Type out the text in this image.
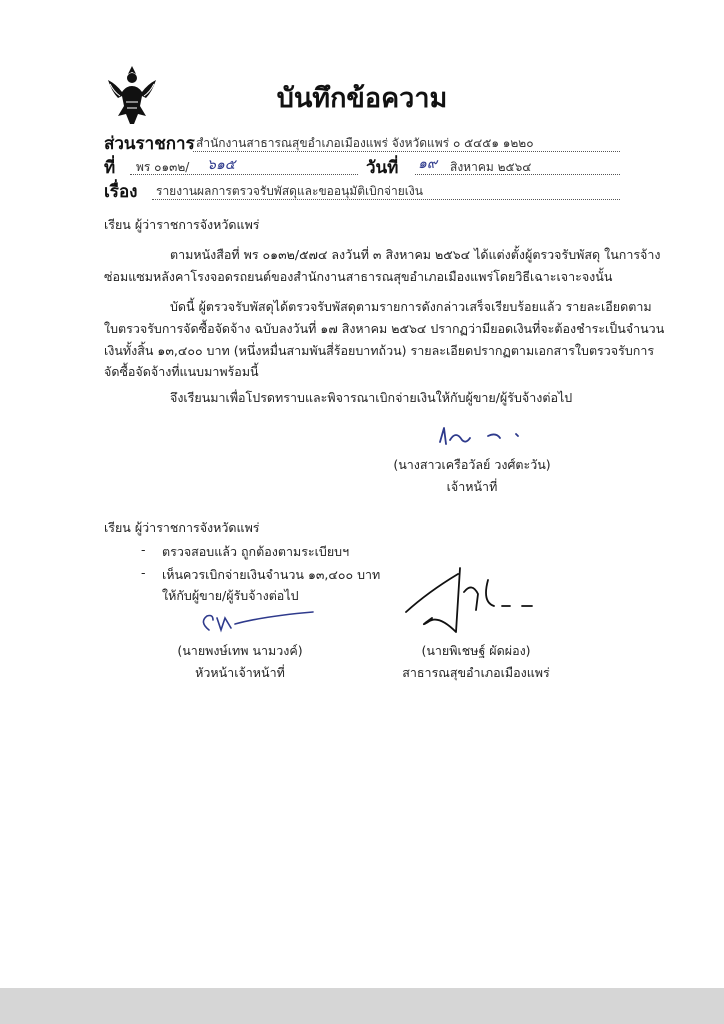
บันทึกข้อความ
ส่วนราชการ สำนักงานสาธารณสุขอำเภอเมืองแพร่ จังหวัดแพร่ ๐ ๕๔๕๑ ๑๒๒๐
ที่ พร ๐๑๓๒/ ๖๑๕	วันที่ ๑๙ สิงหาคม ๒๕๖๔
เรื่อง รายงานผลการตรวจรับพัสดุและขออนุมัติเบิกจ่ายเงิน
เรียน ผู้ว่าราชการจังหวัดแพร่
ตามหนังสือที่ พร ๐๑๓๒/๕๗๔ ลงวันที่ ๓ สิงหาคม ๒๕๖๔ ได้แต่งตั้งผู้ตรวจรับพัสดุ ในการจ้าง
ซ่อมแซมหลังคาโรงจอดรถยนต์ของสำนักงานสาธารณสุขอำเภอเมืองแพร่โดยวิธีเฉาะเจาะจงนั้น
บัดนี้ ผู้ตรวจรับพัสดุได้ตรวจรับพัสดุตามรายการดังกล่าวเสร็จเรียบร้อยแล้ว รายละเอียดตาม
ใบตรวจรับการจัดซื้อจัดจ้าง ฉบับลงวันที่ ๑๗ สิงหาคม ๒๕๖๔ ปรากฏว่ามียอดเงินที่จะต้องชำระเป็นจำนวน
เงินทั้งสิ้น ๑๓,๔๐๐ บาท (หนึ่งหมื่นสามพันสี่ร้อยบาทถ้วน) รายละเอียดปรากฏตามเอกสารใบตรวจรับการ
จัดซื้อจัดจ้างที่แนบมาพร้อมนี้
จึงเรียนมาเพื่อโปรดทราบและพิจารณาเบิกจ่ายเงินให้กับผู้ขาย/ผู้รับจ้างต่อไป
(นางสาวเครือวัลย์ วงศ์ตะวัน)
เจ้าหน้าที่
เรียน ผู้ว่าราชการจังหวัดแพร่
- ตรวจสอบแล้ว ถูกต้องตามระเบียบฯ
- เห็นควรเบิกจ่ายเงินจำนวน ๑๓,๔๐๐ บาท
ให้กับผู้ขาย/ผู้รับจ้างต่อไป
(นายพงษ์เทพ นามวงค์)
หัวหน้าเจ้าหน้าที่
(นายพิเชษฐ์ ผัดผ่อง)
สาธารณสุขอำเภอเมืองแพร่
